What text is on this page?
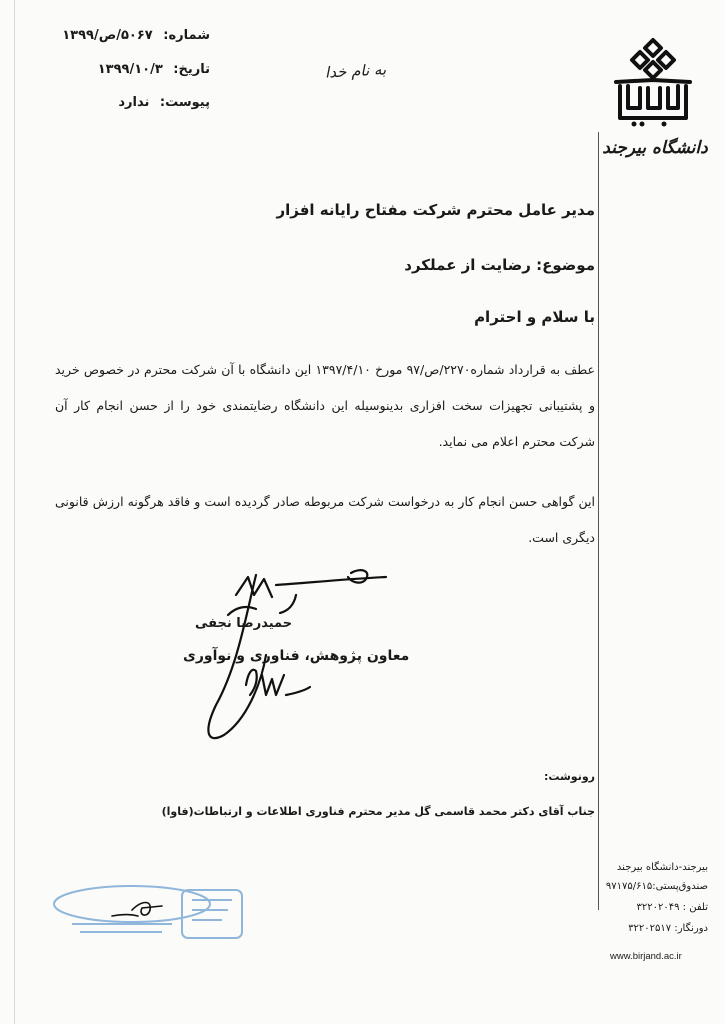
شماره: ۵۰۶۷/ص/۱۳۹۹
تاریخ: ۱۳۹۹/۱۰/۳
پیوست: ندارد
به نام خدا
دانشگاه بیرجند
مدیر عامل محترم شرکت مفتاح رایانه افزار
موضوع: رضایت از عملکرد
با سلام و احترام
عطف به قرارداد شماره۲۲۷۰/ص/۹۷ مورخ ۱۳۹۷/۴/۱۰ این دانشگاه با آن شرکت محترم در خصوص خرید و پشتیبانی تجهیزات سخت افزاری بدینوسیله این دانشگاه رضایتمندی خود را از حسن انجام کار آن شرکت محترم اعلام می نماید.
این گواهی حسن انجام کار به درخواست شرکت مربوطه صادر گردیده است و فاقد هرگونه ارزش قانونی دیگری است.
حمیدرضا نجفی
معاون پژوهش، فناوری و نوآوری
رونوشت:
جناب آقای دکتر محمد قاسمی گل مدیر محترم فناوری اطلاعات و ارتباطات(فاوا)
بیرجند-دانشگاه بیرجند
صندوق‌پستی:۹۷۱۷۵/۶۱۵
تلفن : ۳۲۲۰۲۰۴۹
دورنگار: ۳۲۲۰۲۵۱۷
www.birjand.ac.ir
